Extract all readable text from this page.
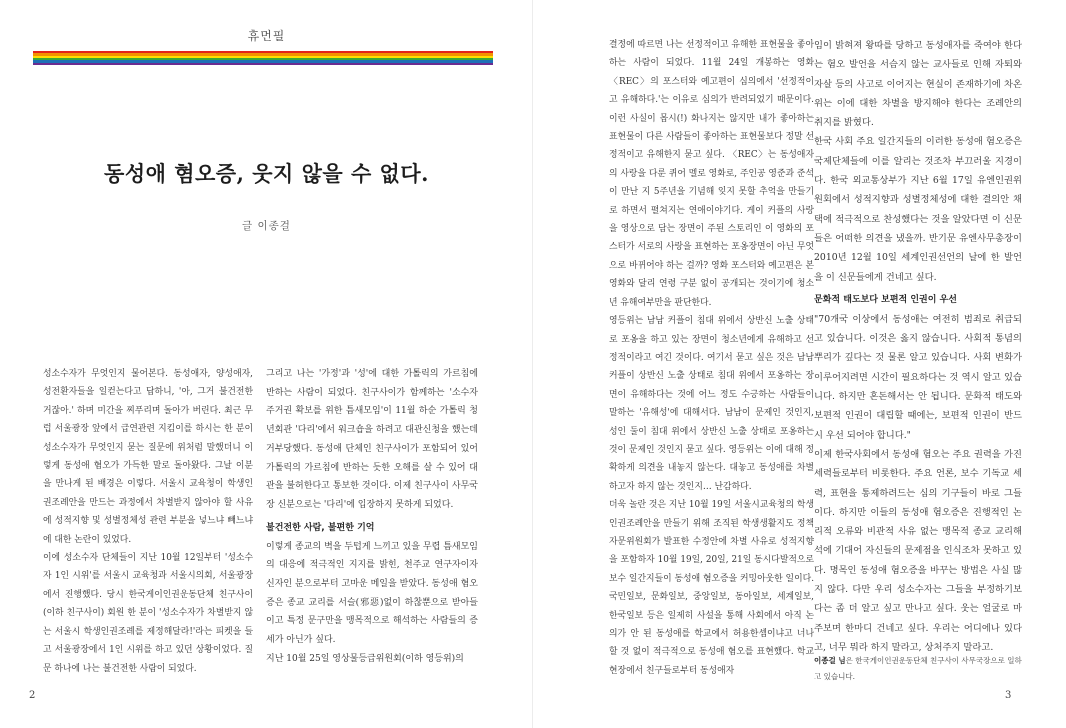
휴먼필
동성애 혐오증, 웃지 않을 수 없다.
글 이종걸

성소수자가 무엇인지 물어본다. 동성애자, 양성애자, 성전환자들을 일컫는다고 답하니, '아, 그거 불건전한 거잖아.' 하며 미간을 찌푸리며 돌아가 버린다. 최근 무럽 서울광장 앞에서 급연관련 지킴이를 하시는 한 분이 성소수자가 무엇인지 묻는 질문에 위처럼 말했더니 이렇게 동성애 혐오가 가득한 말로 돌아왔다. 그날 이분을 만나게 된 배경은 이렇다. 서울시 교육청이 학생인권조례안을 만드는 과정에서 차별받지 않아야 할 사유에 성적지향 및 성별정체성 관련 부분을 넣느냐 빼느냐에 대한 논란이 있었다.

이에 성소수자 단체들이 지난 10월 12일부터 '성소수자 1인 시위'를 서울시 교육청과 서울시의회, 서울광장에서 진행했다. 당시 한국게이인권운동단체 친구사이(이하 친구사이) 회원 한 분이 '성소수자가 차별받지 않는 서울시 학생인권조례를 제정해달라!'라는 피켓을 들고 서울광장에서 1인 시위를 하고 있던 상황이었다. 질문 하나에 나는 불건전한 사람이 되었다.

그리고 나는 '가정'과 '성'에 대한 가톨릭의 가르침에 반하는 사람이 되었다. 친구사이가 함께하는 '소수자 주거권 확보를 위한 틈새모임'이 11월 하순 가톨릭 청년회관 '다리'에서 워크숍을 하려고 대관신청을 했는데 거부당했다. 동성애 단체인 친구사이가 포함되어 있어 가톨릭의 가르침에 반하는 듯한 오해를 살 수 있어 대관을 불허한다고 통보한 것이다. 이제 친구사이 사무국장 신분으로는 '다리'에 입장하지 못하게 되었다.

불건전한 사람, 불편한 기억

이렇게 종교의 벽을 두텁게 느끼고 있을 무렵 틈새모임의 대응에 적극적인 지지를 밝힌, 천주교 연구자이자 신자인 분으로부터 고마운 메일을 받았다. 동성애 혐오증은 종교 교리를 서슬(邪惡)없이 하찮뿐으로 받아들이고 특정 문구만을 맹목적으로 해석하는 사람들의 증세가 아닌가 싶다.

지난 10월 25일 영상물등급위원회(이하 영등위)의

2

결정에 따르면 나는 선정적이고 유해한 표현물을 좋아하는 사람이 되었다. 11월 24일 개봉하는 영화 〈REC〉의 포스터와 예고편이 심의에서 '선정적이고 유해하다.'는 이유로 심의가 반려되었기 때문이다. 이런 사실이 몹시(!) 화나지는 않지만 내가 좋아하는 표현물이 다른 사람들이 좋아하는 표현물보다 정말 선정적이고 유해한지 묻고 싶다. 〈REC〉는 동성애자의 사랑을 다룬 퀴어 멜로 영화로, 주인공 영준과 준석이 만난 지 5주년을 기념해 잊지 못할 추억을 만들기로 하면서 펼쳐지는 연애이야기다. 게이 커플의 사랑을 영상으로 담는 장면이 주된 스토리인 이 영화의 포스터가 서로의 사랑을 표현하는 포옹장면이 아닌 무엇으로 바뀌어야 하는 걸까? 영화 포스터와 예고편은 본 영화와 달리 연령 구분 없이 공개되는 것이기에 청소년 유해여부만을 판단한다.

영등위는 남남 커플이 침대 위에서 상반신 노출 상태로 포옹을 하고 있는 장면이 청소년에게 유해하고 선정적이라고 여긴 것이다. 여기서 묻고 싶은 것은 남남 커플이 상반신 노출 상태로 침대 위에서 포옹하는 장면이 유해하다는 것에 어느 정도 수긍하는 사람들이 말하는 '유해성'에 대해서다. 남남이 문제인 것인지, 성인 둘이 침대 위에서 상반신 노출 상태로 포옹하는 것이 문제인 것인지 묻고 싶다. 영등위는 이에 대해 정확하게 의견을 내놓지 않는다. 대놓고 동성애를 차별하고자 하지 않는 것인지… 난감하다.

더욱 놀란 것은 지난 10월 19일 서울시교육청의 학생인권조례안을 만들기 위해 조직된 학생생활지도 정책자문위원회가 발표한 수정안에 차별 사유로 성적지향을 포함하자 10월 19일, 20일, 21일 동시다발적으로 보수 일간지들이 동성애 혐오증을 커밍아웃한 일이다. 국민일보, 문화일보, 중앙일보, 동아일보, 세계일보, 한국일보 등은 일제히 사설을 통해 사회에서 아직 논의가 안 된 동성애를 학교에서 허용한셈이냐고 너나 할 것 없이 적극적으로 동성애 혐오를 표현했다. 학교 현장에서 친구들로부터 동성애자

임이 밝혀져 왕따를 당하고 동성애자를 죽여야 한다는 혐오 발언을 서슴지 않는 교사들로 인해 자퇴와 자살 등의 사고로 이어지는 현실이 존재하기에 차온위는 이에 대한 차별을 방지해야 한다는 조례안의 취지를 밝혔다.

한국 사회 주요 일간지들의 이러한 동성애 혐오증은 국제단체들에 이를 알리는 것조차 부끄러울 지경이다. 한국 외교통상부가 지난 6월 17일 유엔인권위원회에서 성적지향과 성별정체성에 대한 결의안 채택에 적극적으로 찬성했다는 것을 알았다면 이 신문들은 어떠한 의견을 냈을까. 반기문 유엔사무총장이 2010년 12월 10일 세계인권선언의 날에 한 발언을 이 신문들에게 건네고 싶다.

문화적 태도보다 보편적 인권이 우선

"70개국 이상에서 동성애는 여전히 범죄로 취급되고 있습니다. 이것은 옳지 않습니다. 사회적 통념의 뿌리가 깊다는 것 물론 알고 있습니다. 사회 변화가 이루어지려면 시간이 필요하다는 것 역시 알고 있습니다. 하지만 혼돈해서는 안 됩니다. 문화적 태도와 보편적 인권이 대립할 때에는, 보편적 인권이 반드시 우선 되어야 합니다."

이제 한국사회에서 동성애 혐오는 주요 권력을 가진 세력들로부터 비롯한다. 주요 언론, 보수 기독교 세력, 표현을 통제하려드는 심의 기구들이 바로 그들이다. 하지만 이들의 동성애 혐오증은 진행적인 논리적 오류와 비관적 사유 없는 맹목적 종교 교리해석에 기대어 자신들의 문제점을 인식조차 못하고 있다. 명목인 동성애 혐오증을 바꾸는 방법은 사실 많지 않다. 다만 우리 성소수자는 그들을 부정하기보다는 좀 더 알고 싶고 만나고 싶다. 웃는 얼굴로 마주보며 한마디 건네고 싶다. 우리는 어디에나 있다고, 너무 뭐라 하지 말라고, 상처주지 말라고.

이종걸 님은 한국게이인권운동단체 친구사이 사무국장으로 일하고 있습니다.
3
